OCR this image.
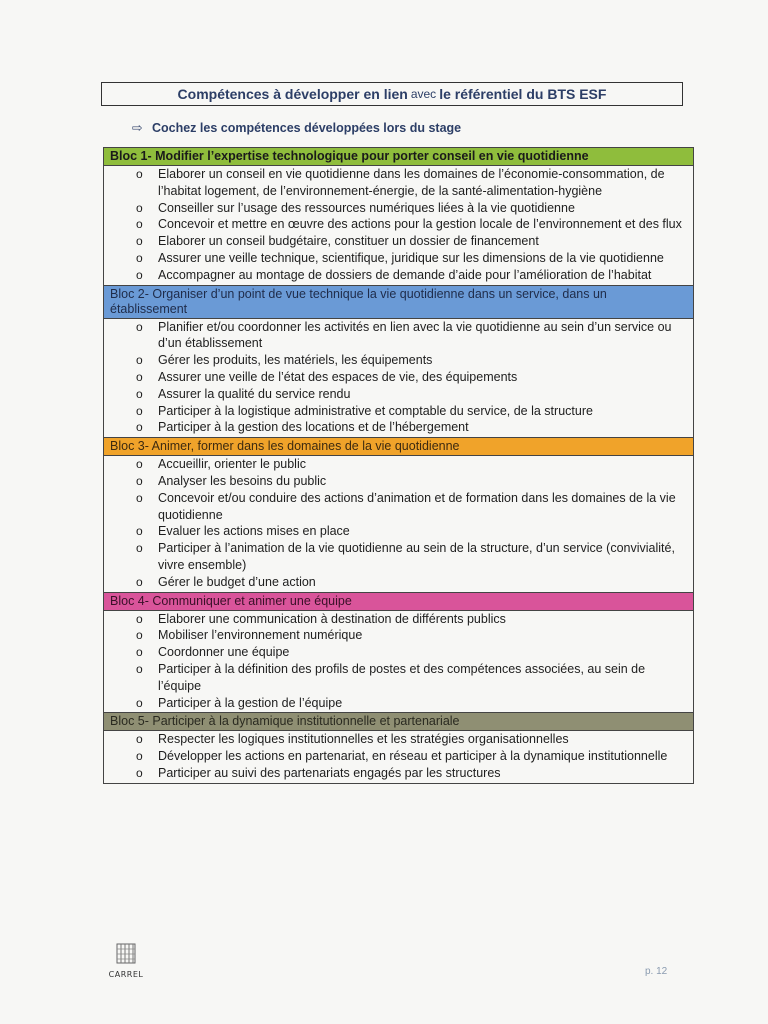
Compétences à développer en lien avec le référentiel du BTS ESF
⇨ Cochez les compétences développées lors du stage
Bloc 1- Modifier l’expertise technologique pour porter conseil en vie quotidienne
o Elaborer un conseil en vie quotidienne dans les domaines de l’économie-consommation, de l’habitat logement, de l’environnement-énergie, de la santé-alimentation-hygiène
o Conseiller sur l’usage des ressources numériques liées à la vie quotidienne
o Concevoir et mettre en œuvre des actions pour la gestion locale de l’environnement et des flux
o Elaborer un conseil budgétaire, constituer un dossier de financement
o Assurer une veille technique, scientifique, juridique sur les dimensions de la vie quotidienne
o Accompagner au montage de dossiers de demande d’aide pour l’amélioration de l’habitat
Bloc 2- Organiser d’un point de vue technique la vie quotidienne dans un service, dans un établissement
o Planifier et/ou coordonner les activités en lien avec la vie quotidienne au sein d’un service ou d’un établissement
o Gérer les produits, les matériels, les équipements
o Assurer une veille de l’état des espaces de vie, des équipements
o Assurer la qualité du service rendu
o Participer à la logistique administrative et comptable du service, de la structure
o Participer à la gestion des locations et de l’hébergement
Bloc 3- Animer, former dans les domaines de la vie quotidienne
o Accueillir, orienter le public
o Analyser les besoins du public
o Concevoir et/ou conduire des actions d’animation et de formation dans les domaines de la vie quotidienne
o Evaluer les actions mises en place
o Participer à l’animation de la vie quotidienne au sein de la structure, d’un service (convivialité, vivre ensemble)
o Gérer le budget d’une action
Bloc 4- Communiquer et animer une équipe
o Elaborer une communication à destination de différents publics
o Mobiliser l’environnement numérique
o Coordonner une équipe
o Participer à la définition des profils de postes et des compétences associées, au sein de l’équipe
o Participer à la gestion de l’équipe
Bloc 5- Participer à la dynamique institutionnelle et partenariale
o Respecter les logiques institutionnelles et les stratégies organisationnelles
o Développer les actions en partenariat, en réseau et participer à la dynamique institutionnelle
o Participer au suivi des partenariats engagés par les structures
CARREL	p. 12
